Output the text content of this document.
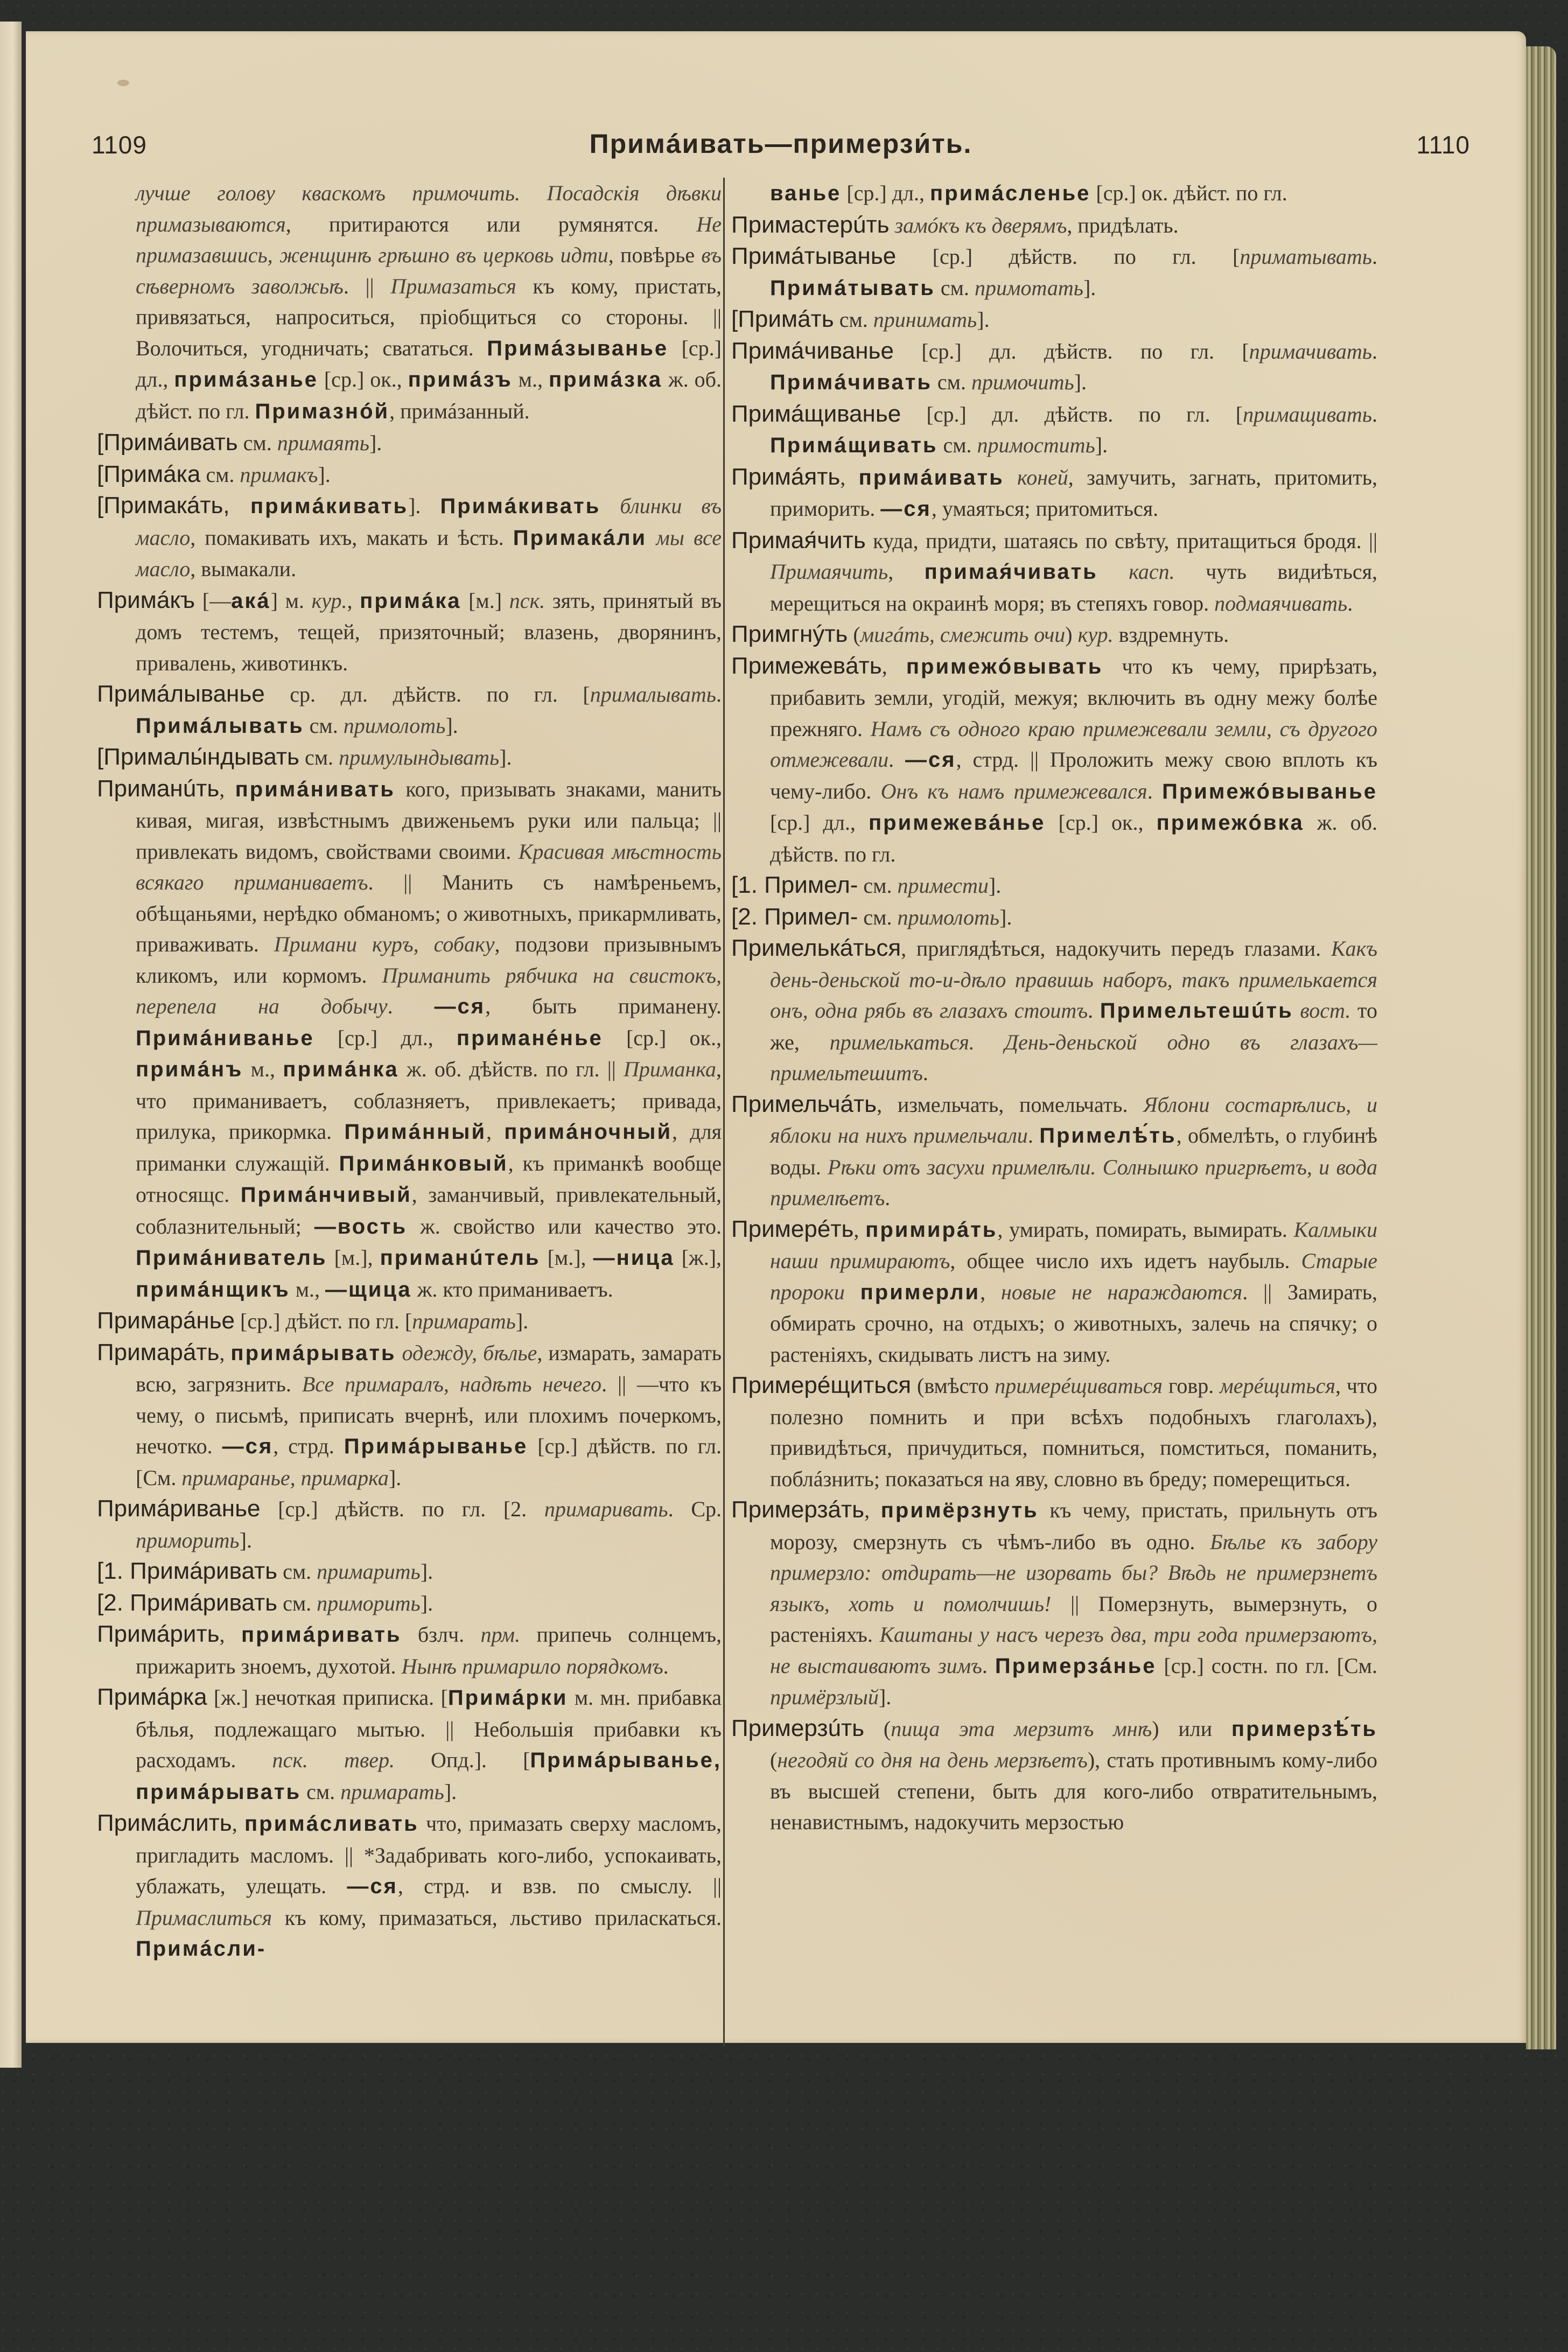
1109	Примáивать—примерзи́ть.	1110

лучше голову кваскомъ примочить. Посадскія дѣвки примазываются, притираются или румянятся. Не примазавшись, женщинѣ грѣшно въ церковь идти, повѣрье въ сѣверномъ заволжьѣ. || Примазаться къ кому, пристать, привязаться, напроситься, пріобщиться со стороны. || Волочиться, угодничать; свататься. Примáзыванье [ср.] дл., примáзанье [ср.] ок., примáзъ м., примáзка ж. об. дѣйст. по гл. Примазнóй, примáзанный.

[Примáивать см. примаять].

[Примáка см. примакъ].

[Примакáть, примáкивать]. Примáкивать блинки въ масло, помакивать ихъ, макать и ѣсть. Примакáли мы все масло, вымакали.

Примáкъ [—акá] м. кур., примáка [м.] пск. зять, принятый въ домъ тестемъ, тещей, призяточный; влазень, дворянинъ, привалень, животинкъ.

Примáлыванье ср. дл. дѣйств. по гл. [прималывать. Примáлывать см. примолоть].

[Прималы́ндывать см. примулындывать].

Приманúть, примáнивать кого, призывать знаками, манить кивая, мигая, извѣстнымъ движеньемъ руки или пальца; || привлекать видомъ, свойствами своими. Красивая мѣстность всякаго приманиваетъ. || Манить съ намѣреньемъ, обѣщаньями, нерѣдко обманомъ; о животныхъ, прикармливать, приваживать. Примани куръ, собаку, подзови призывнымъ кликомъ, или кормомъ. Приманить рябчика на свистокъ, перепела на добычу. —ся, быть приманену. Примáниванье [ср.] дл., приманéнье [ср.] ок., примáнъ м., примáнка ж. об. дѣйств. по гл. || Приманка, что приманиваетъ, соблазняетъ, привлекаетъ; привада, прилука, прикормка. Примáнный, примáночный, для приманки служащій. Примáнковый, къ приманкѣ вообще относящс. Примáнчивый, заманчивый, привлекательный, соблазнительный; —вость ж. свойство или качество это. Примáниватель [м.], приманúтель [м.], —ница [ж.], примáнщикъ м., —щица ж. кто приманиваетъ.

Примарáнье [ср.] дѣйст. по гл. [примарать].

Примарáть, примáрывать одежду, бѣлье, измарать, замарать всю, загрязнить. Все примаралъ, надѣть нечего. || —что къ чему, о письмѣ, приписать вчернѣ, или плохимъ почеркомъ, нечотко. —ся, стрд. Примáрыванье [ср.] дѣйств. по гл. [См. примаранье, примарка].

Примáриванье [ср.] дѣйств. по гл. [2. примаривать. Ср. приморить].

[1. Примáривать см. примарить].

[2. Примáривать см. приморить].

Примáрить, примáривать бзлч. прм. припечь солнцемъ, прижарить зноемъ, духотой. Нынѣ примарило порядкомъ.

Примáрка [ж.] нечоткая приписка. [Примáрки м. мн. прибавка бѣлья, подлежащаго мытью. || Небольшія прибавки къ расходамъ. пск. твер. Опд.]. [Примáрыванье, примáрывать см. примарать].

Примáслить, примáсливать что, примазать сверху масломъ, пригладить масломъ. || *Задабривать кого-либо, успокаивать, ублажать, улещать. —ся, стрд. и взв. по смыслу. || Примаслиться къ кому, примазаться, льстиво приласкаться. Примáсли-

ванье [ср.] дл., примáсленье [ср.] ок. дѣйст. по гл.

Примастерúть замóкъ къ дверямъ, придѣлать.

Примáтыванье [ср.] дѣйств. по гл. [приматывать. Примáтывать см. примотать].

[Примáть см. принимать].

Примáчиванье [ср.] дл. дѣйств. по гл. [примачивать. Примáчивать см. примочить].

Примáщиванье [ср.] дл. дѣйств. по гл. [примащивать. Примáщивать см. примостить].

Примáять, примáивать коней, замучить, загнать, притомить, приморить. —ся, умаяться; притомиться.

Примая́чить куда, придти, шатаясь по свѣту, притащиться бродя. || Примаячить, примая́чивать касп. чуть видиѣться, мерещиться на окраинѣ моря; въ степяхъ говор. подмаячивать.

Примгнýть (мигáть, смежить очи) кур. вздремнуть.

Примежевáть, примежóвывать что къ чему, прирѣзать, прибавить земли, угодій, межуя; включить въ одну межу болѣе прежняго. Намъ съ одного краю примежевали земли, съ другого отмежевали. —ся, стрд. || Проложить межу свою вплоть къ чему-либо. Онъ къ намъ примежевался. Примежóвыванье [ср.] дл., примежевáнье [ср.] ок., примежóвка ж. об. дѣйств. по гл.

[1. Примел- см. примести].

[2. Примел- см. примолоть].

Примелькáться, приглядѣться, надокучить передъ глазами. Какъ день-деньской то-и-дѣло правишь наборъ, такъ примелькается онъ, одна рябь въ глазахъ стоитъ. Примельтешúть вост. то же, примелькаться. День-деньской одно въ глазахъ—примельтешитъ.

Примельчáть, измельчать, помельчать. Яблони состарѣлись, и яблоки на нихъ примельчали. Примелѣ́ть, обмелѣть, о глубинѣ воды. Рѣки отъ засухи примелѣли. Солнышко пригрѣетъ, и вода примелѣетъ.

Примерéть, примирáть, умирать, помирать, вымирать. Калмыки наши примираютъ, общее число ихъ идетъ наубыль. Старые пророки примерли, новые не нараждаются. || Замирать, обмирать срочно, на отдыхъ; о животныхъ, залечь на спячку; о растеніяхъ, скидывать листъ на зиму.

Примерéщиться (вмѣсто примерéщиваться говр. мерéщиться, что полезно помнить и при всѣхъ подобныхъ глаголахъ), привидѣться, причудиться, помниться, помститься, поманить, поблáзнить; показаться на яву, словно въ бреду; померещиться.

Примерзáть, примёрзнуть къ чему, пристать, прильнуть отъ морозу, смерзнуть съ чѣмъ-либо въ одно. Бѣлье къ забору примерзло: отдирать—не изорвать бы? Вѣдь не примерзнетъ языкъ, хоть и помолчишь! || Померзнуть, вымерзнуть, о растеніяхъ. Каштаны у насъ черезъ два, три года примерзаютъ, не выстаиваютъ зимъ. Примерзáнье [ср.] состн. по гл. [См. примёрзлый].

Примерзúть (пища эта мерзитъ мнѣ) или примерзѣ́ть (негодяй со дня на день мерзѣетъ), стать противнымъ кому-либо въ высшей степени, быть для кого-либо отвратительнымъ, ненавистнымъ, надокучить мерзостью
